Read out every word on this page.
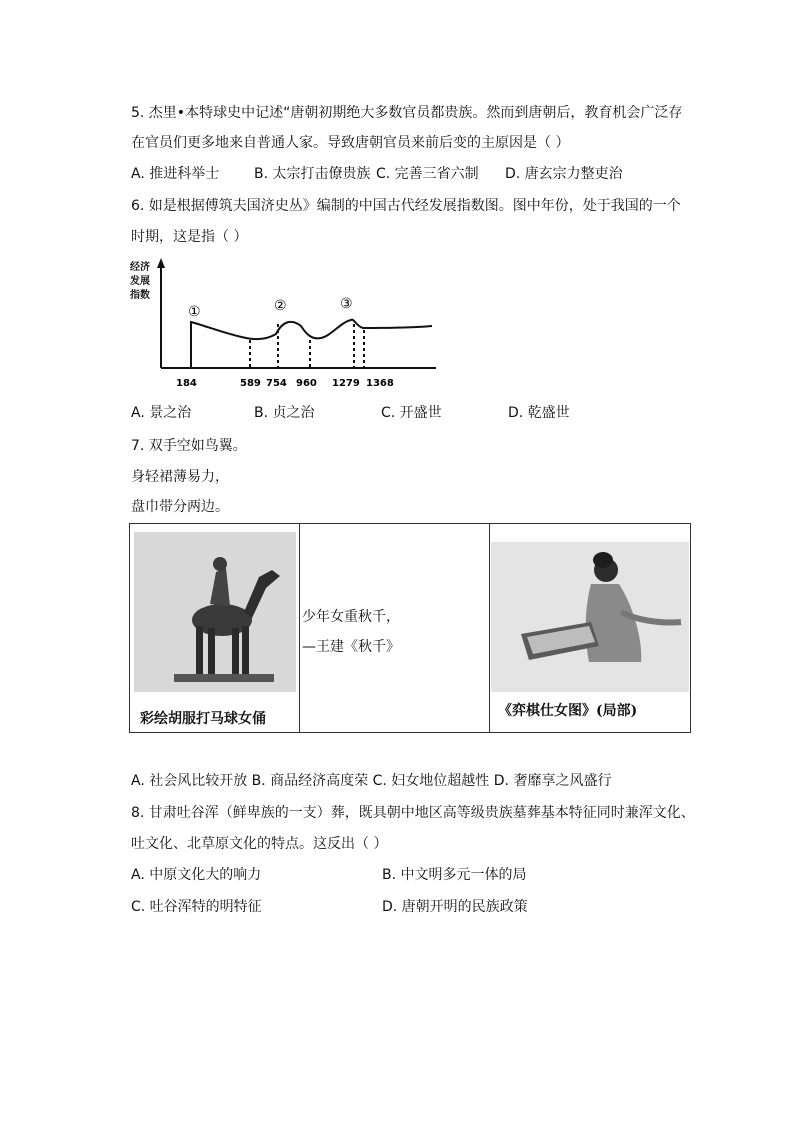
5. 杰里•本特球史中记述“唐朝初期绝大多数官员都贵族。然而到唐朝后，教育机会广泛存
在官员们更多地来自普通人家。导致唐朝官员来前后变的主原因是（ ）
A. 推进科举士 B. 太宗打击僚贵族 C. 完善三省六制 D. 唐玄宗力整吏治
6. 如是根据傅筑夫国济史丛》编制的中国古代经发展指数图。图中年份，处于我国的一个
时期，这是指（ ）
经济
发展
指数
184	589 754 960 1279 1368
①	②	③
A. 景之治	B. 贞之治	C. 开盛世	D. 乾盛世
7. 双手空如鸟翼。
身轻裙薄易力，
盘巾带分两边。
彩绘胡服打马球女俑
少年女重秋千，
—王建《秋千》
《弈棋仕女图》(局部)
A. 社会风比较开放 B. 商品经济高度荣 C. 妇女地位超越性 D. 奢靡享之风盛行
8. 甘肃吐谷浑（鲜卑族的一支）葬，既具朝中地区高等级贵族墓葬基本特征同时兼浑文化、
吐文化、北草原文化的特点。这反出（ ）
A. 中原文化大的响力	B. 中文明多元一体的局
C. 吐谷浑特的明特征	D. 唐朝开明的民族政策
